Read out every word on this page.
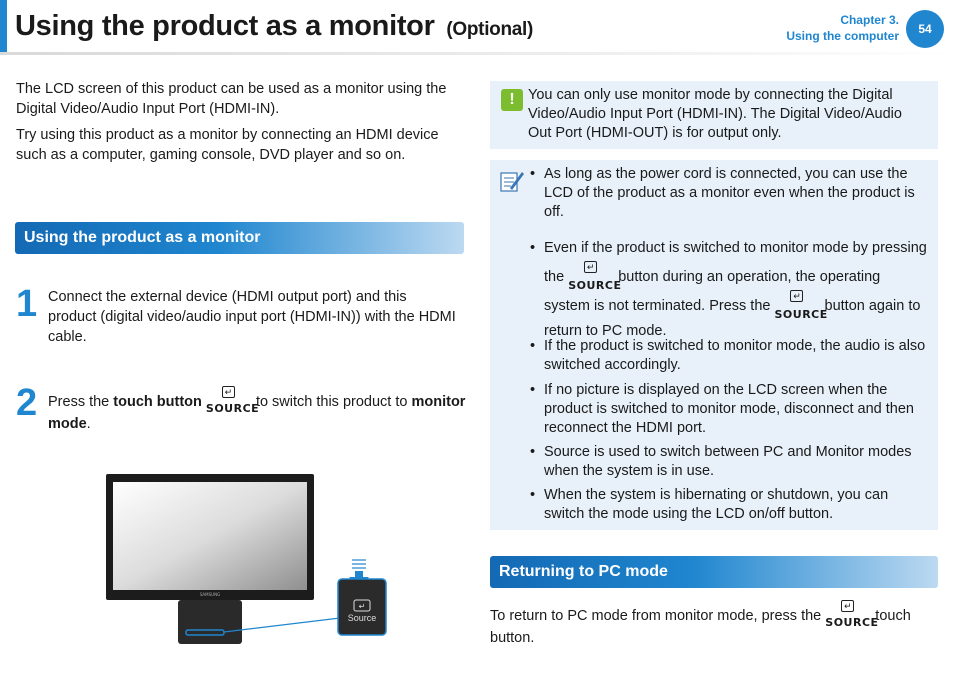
Using the product as a monitor (Optional)	Chapter 3.
Using the computer	54
The LCD screen of this product can be used as a monitor using the Digital Video/Audio Input Port (HDMI-IN).
Try using this product as a monitor by connecting an HDMI device such as a computer, gaming console, DVD player and so on.
Using the product as a monitor
1 Connect the external device (HDMI output port) and this product (digital video/audio input port (HDMI-IN)) with the HDMI cable.
2 Press the touch button
↵
SOURCE
to switch this product to monitor mode.
SAMSUNG
↵
Source
! You can only use monitor mode by connecting the Digital Video/Audio Input Port (HDMI-IN). The Digital Video/Audio Out Port (HDMI-OUT) is for output only.
• As long as the power cord is connected, you can use the LCD of the product as a monitor even when the product is off.
• Even if the product is switched to monitor mode by pressing the
↵
SOURCE
button during an operation, the operating system is not terminated. Press the
↵
SOURCE
button again to return to PC mode.
• If the product is switched to monitor mode, the audio is also switched accordingly.
• If no picture is displayed on the LCD screen when the product is switched to monitor mode, disconnect and then reconnect the HDMI port.
• Source is used to switch between PC and Monitor modes when the system is in use.
• When the system is hibernating or shutdown, you can switch the mode using the LCD on/off button.
Returning to PC mode
To return to PC mode from monitor mode, press the
↵
SOURCE
touch button.
